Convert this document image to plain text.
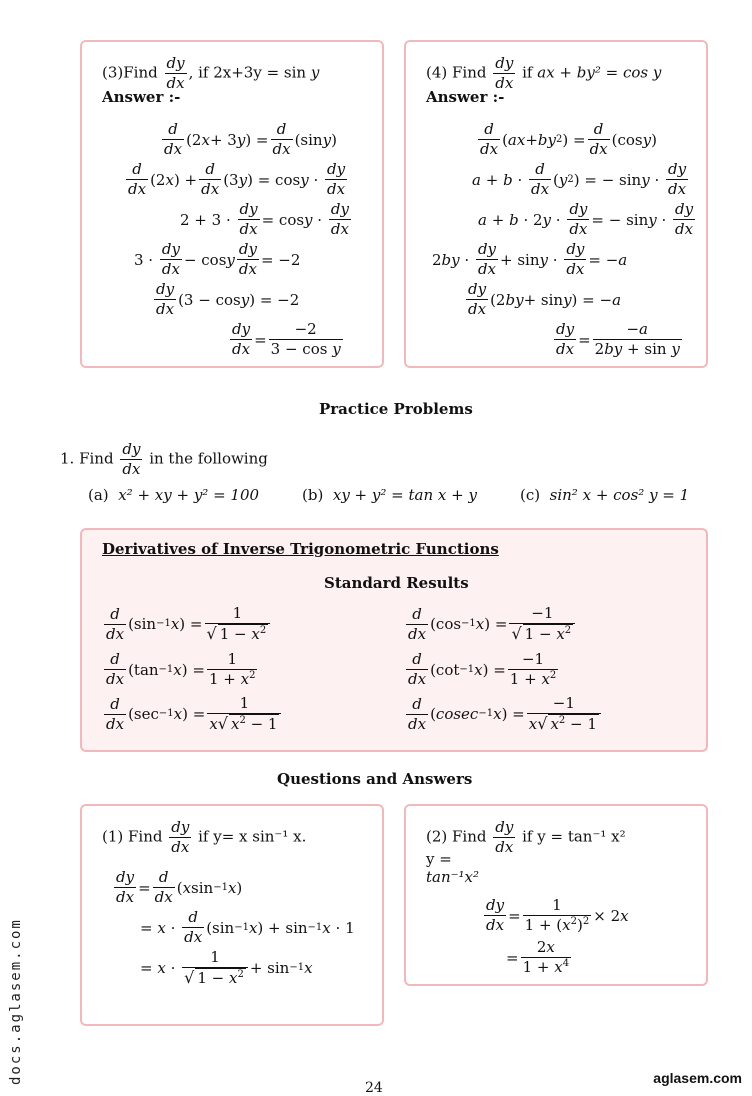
(3)Find $\frac{dy}{dx}$ , if 2x+3y = sin y
Answer :-
$\frac{d}{dx} (2$ x + 3 y ) = $\frac{d}{dx} (\sin$ y )
$\frac{d}{dx} (2$ x ) + $\frac{d}{dx} (3$ y ) = $\cos y \cdot \frac{dy}{dx}$
$2 + 3 \cdot \frac{dy}{dx} = \cos y \cdot \frac{dy}{dx}$
$3 \cdot \frac{dy}{dx} - \cos y \frac{dy}{dx} = -2$
$\frac{dy}{dx} (3 - \cos y$ ) = −2
$\frac{dy}{dx} = \frac{-2}{\text{3 − cos y}}$
(4) Find $\frac{dy}{dx}$ if ax + by² = cos y
Answer :-
$\frac{d}{dx}$ ( ax + by 2 ) = $\frac{d}{dx} (\cos$ y )
$a + b \cdot \frac{d}{dx}$ ( y 2 ) = − $\sin y \cdot \frac{dy}{dx}$
a + b · 2 $y \cdot \frac{dy}{dx}$ = − $\sin y \cdot \frac{dy}{dx}$
2 by · $\frac{dy}{dx} + \sin y \cdot \frac{dy}{dx}$ = − a
$\frac{dy}{dx} (2$ by + sin y ) = − a
$\frac{dy}{dx} = \frac{-a}{\text{2by + sin y}}$
Practice Problems
1. Find $\frac{dy}{dx}$ in the following
(a) x² + xy + y² = 100	(b) xy + y² = tan x + y	(c) sin² x + cos² y = 1
Derivatives of Inverse Trigonometric Functions
Standard Results
$\frac{d}{dx} (\sin -1$ x ) = $\frac{1}{√ 1 - x^2}$	$\frac{d}{dx} (\cos -1$ x ) = $\frac{-1}{√ 1 - x^2}$
$\frac{d}{dx} (\tan -1$ x ) = $\frac{1}{1 + x^2}$	$\frac{d}{dx} (\cot -1$ x ) = $\frac{-1}{1 + x^2}$
$\frac{d}{dx} (\sec -1$ x ) = $\frac{1}{x√ x^2 - 1}$	$\frac{d}{dx}$ ( cosec −1 x ) = $\frac{-1}{x√ x^2 - 1}$
Questions and Answers
(1) Find $\frac{dy}{dx}$ if y= x sin⁻¹ x.
$\frac{dy}{dx} = \frac{d}{dx}$ ( x sin −1 x )
= $x \cdot \frac{d}{dx} (\sin -1$ x ) + sin −1 x · 1
= $x \cdot \frac{1}{√ 1 - x^2} + \sin -1$ x
(2) Find $\frac{dy}{dx}$ if y = tan⁻¹ x²
y =
tan⁻¹x²
$\frac{dy}{dx} = \frac{1}{1 + (x^2)^2} \times 2$ x
= $\frac{2x}{1 + x^4}$
docs.aglasem.com
24
aglasem.com
